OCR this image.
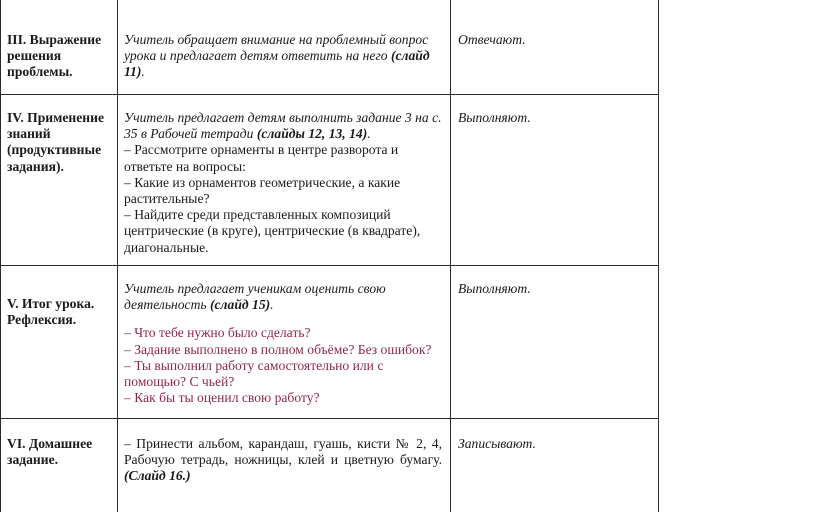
III. Выражение решения проблемы.
Учитель обращает внимание на проблемный вопрос урока и предлагает детям ответить на него (слайд 11).
Отвечают.
IV. Применение знаний (продуктивные задания).
Учитель предлагает детям выполнить задание 3 на с. 35 в Рабочей тетради (слайды 12, 13, 14).
– Рассмотрите орнаменты в центре разворота и ответьте на вопросы:
– Какие из орнаментов геометрические, а какие растительные?
– Найдите среди представленных композиций центрические (в круге), центрические (в квадрате), диагональные.
Выполняют.
V. Итог урока. Рефлексия.
Учитель предлагает ученикам оценить свою деятельность (слайд 15).
– Что тебе нужно было сделать?
– Задание выполнено в полном объёме? Без ошибок?
– Ты выполнил работу самостоятельно или с помощью? С чьей?
– Как бы ты оценил свою работу?
Выполняют.
VI. Домашнее задание.
– Принести альбом, карандаш, гуашь, кисти № 2, 4, Рабочую тетрадь, ножницы, клей и цветную бумагу. (Слайд 16.)
Записывают.
